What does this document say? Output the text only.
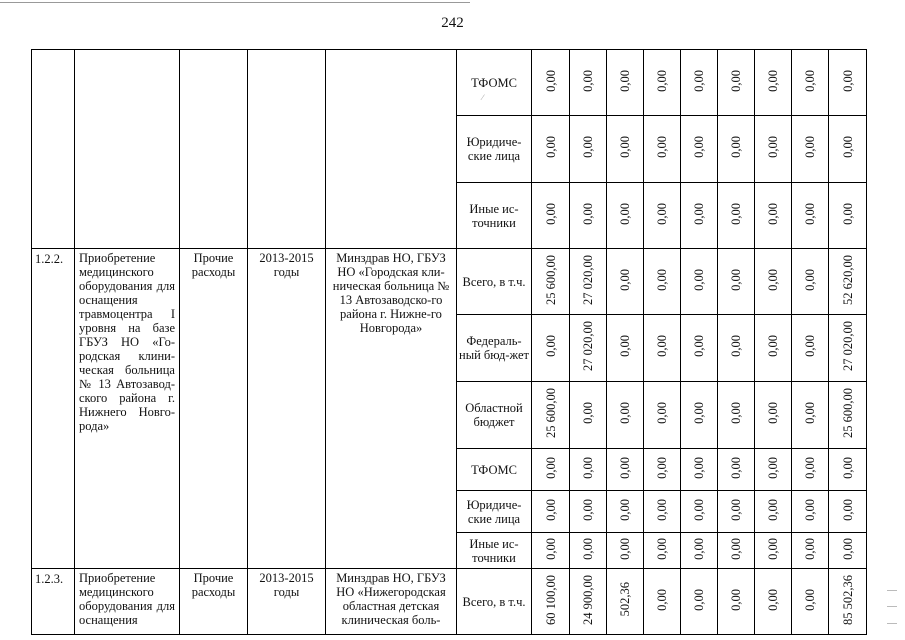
242

					ТФОМС	0,00	0,00	0,00	0,00	0,00	0,00	0,00	0,00	0,00

					Юридиче-ские лица	0,00	0,00	0,00	0,00	0,00	0,00	0,00	0,00	0,00

					Иные ис-точники	0,00	0,00	0,00	0,00	0,00	0,00	0,00	0,00	0,00

1.2.2.	Приобретение медицинского оборудования для оснащения травмоцентра I уровня на базе ГБУЗ НО «Го-родская клини-ческая больница № 13 Автозавод-ского района г. Нижнего Новго-рода»	Прочие расходы	2013-2015 годы	Минздрав НО, ГБУЗ НО «Городская кли-ническая больница № 13 Автозаводско-го района г. Нижне-го Новгорода»	Всего, в т.ч.	25 600,00	27 020,00	0,00	0,00	0,00	0,00	0,00	0,00	52 620,00

					Федераль-ный бюд-жет	0,00	27 020,00	0,00	0,00	0,00	0,00	0,00	0,00	27 020,00

					Областной бюджет	25 600,00	0,00	0,00	0,00	0,00	0,00	0,00	0,00	25 600,00

					ТФОМС	0,00	0,00	0,00	0,00	0,00	0,00	0,00	0,00	0,00

					Юридиче-ские лица	0,00	0,00	0,00	0,00	0,00	0,00	0,00	0,00	0,00

					Иные ис-точники	0,00	0,00	0,00	0,00	0,00	0,00	0,00	0,00	0,00

1.2.3.	Приобретение медицинского оборудования для оснащения	Прочие расходы	2013-2015 годы	Минздрав НО, ГБУЗ НО «Нижегородская областная детская клиническая боль-	Всего, в т.ч.	60 100,00	24 900,00	502,36	0,00	0,00	0,00	0,00	0,00	85 502,36
⁄
